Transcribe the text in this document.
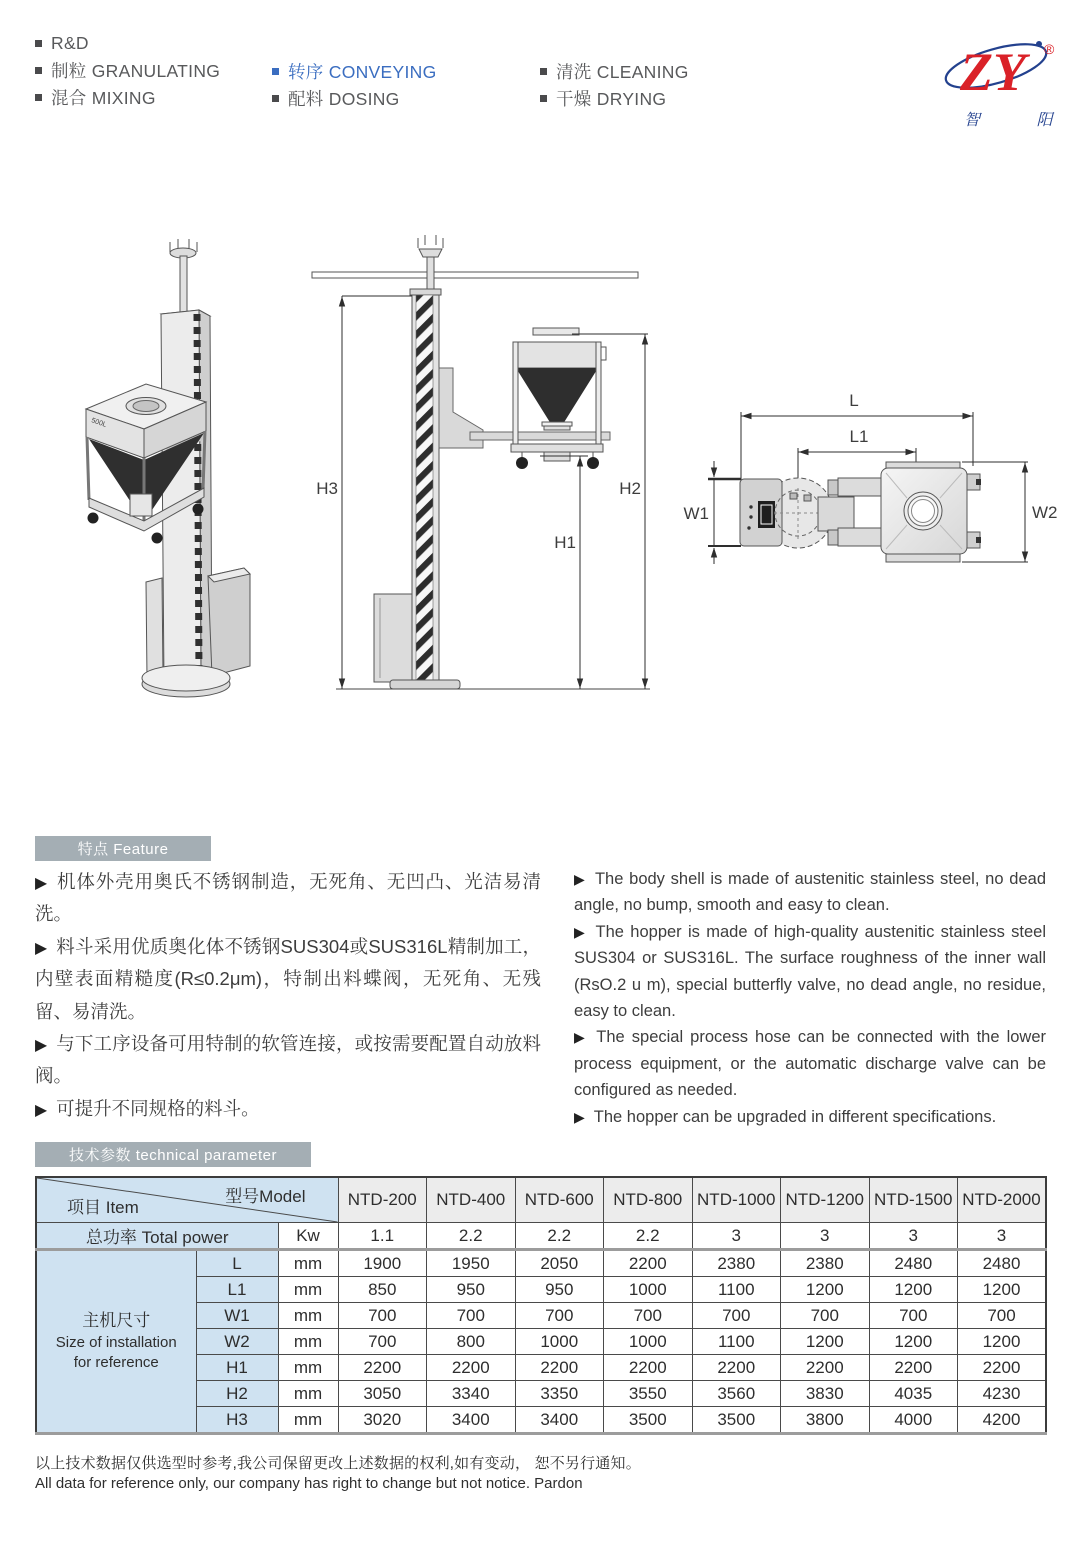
R&D
制粒 GRANULATING
混合 MIXING
转序 CONVEYING
配料 DOSING
清洗 CLEANING
干燥 DRYING	ZY	®
智 阳
500L
H3	H2
H1
L
L1
W1	W2
特点 Feature

▶ 机体外壳用奥氏不锈钢制造，无死角、无凹凸、光洁易清洗。

▶ 料斗采用优质奥化体不锈钢SUS304或SUS316L精制加工，内壁表面精糙度(R≤0.2μm)，特制出料蝶阀，无死角、无残留、易清洗。

▶ 与下工序设备可用特制的软管连接，或按需要配置自动放料阀。

▶ 可提升不同规格的料斗。

▶ The body shell is made of austenitic stainless steel, no dead angle, no bump, smooth and easy to clean.

▶ The hopper is made of high-quality austenitic stainless steel SUS304 or SUS316L. The surface roughness of the inner wall (RsO.2 u m), special butterfly valve, no dead angle, no residue, easy to clean.

▶ The special process hose can be connected with the lower process equipment, or the automatic discharge valve can be configured as needed.

▶ The hopper can be upgraded in different specifications.

技术参数 technical parameter
项目 Item
型号Model			NTD-200	NTD-400	NTD-600	NTD-800	NTD-1000	NTD-1200	NTD-1500	NTD-2000
总功率 Total power		Kw	1.1	2.2	2.2	2.2	3	3	3	3

主机尺寸
Size of installation
for reference	L	mm	1900	1950	2050	2200	2380	2380	2480	2480
	L1	mm	850	950	950	1000	1100	1200	1200	1200
	W1	mm	700	700	700	700	700	700	700	700
	W2	mm	700	800	1000	1000	1100	1200	1200	1200
	H1	mm	2200	2200	2200	2200	2200	2200	2200	2200
	H2	mm	3050	3340	3350	3550	3560	3830	4035	4230
	H3	mm	3020	3400	3400	3500	3500	3800	4000	4200
以上技术数据仅供选型时参考,我公司保留更改上述数据的权利,如有变动， 恕不另行通知。
All data for reference only, our company has right to change but not notice. Pardon
